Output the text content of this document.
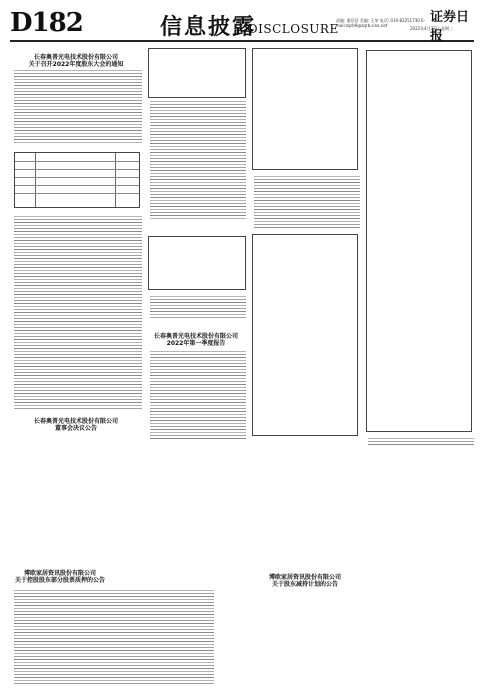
D182	信息披露
DISCLOSURE
责编: 董蓓蓓 美编: 王荣 电话: 010-83251730 E-mail:zqrb9@zqrb.sina.net
证券日报
2022年4月27日 星期三
长春奥普光电技术股份有限公司
关于召开2022年度股东大会的通知
长春奥普光电技术股份有限公司
董事会决议公告
长春奥普光电技术股份有限公司
2022年第一季度报告
博欧家居资讯股份有限公司
关于控股股东部分股票质押的公告	博欧家居资讯股份有限公司
关于股东减持计划的公告
